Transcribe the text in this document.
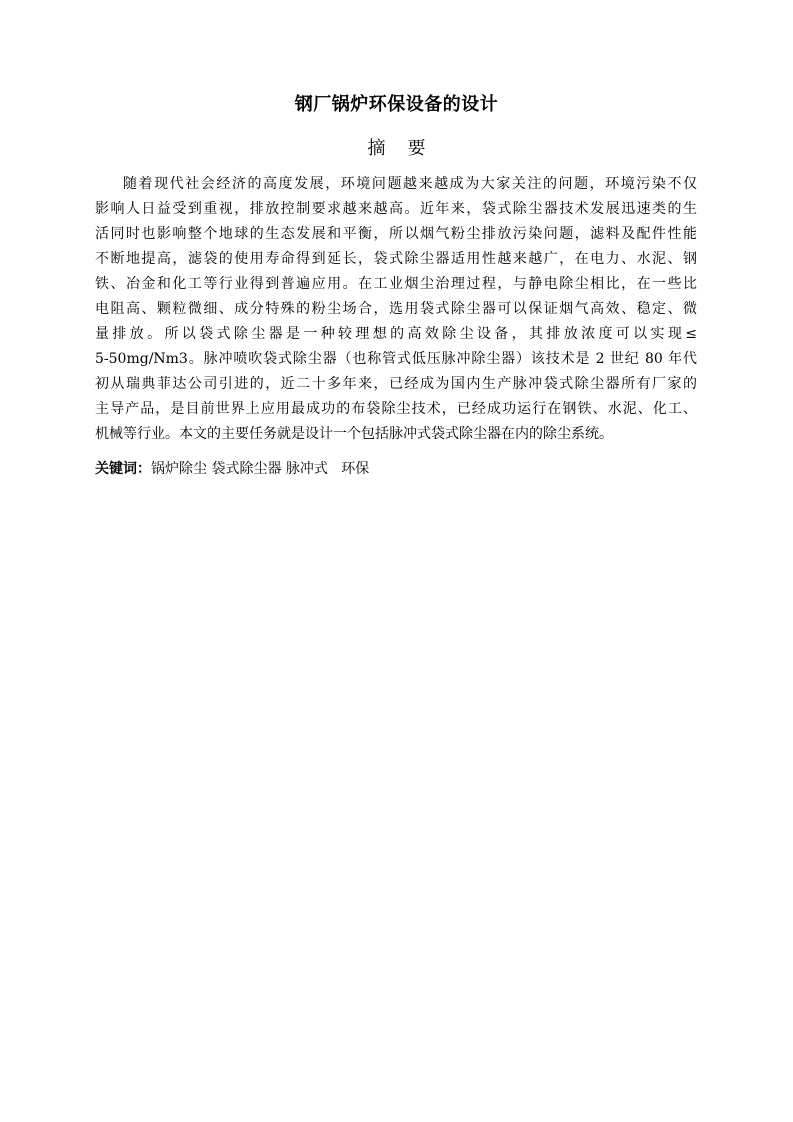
钢厂锅炉环保设备的设计
摘 要
随着现代社会经济的高度发展，环境问题越来越成为大家关注的问题，环境污染不仅
影响人日益受到重视，排放控制要求越来越高。近年来，袋式除尘器技术发展迅速类的生
活同时也影响整个地球的生态发展和平衡，所以烟气粉尘排放污染问题，滤料及配件性能
不断地提高，滤袋的使用寿命得到延长，袋式除尘器适用性越来越广，在电力、水泥、钢
铁、冶金和化工等行业得到普遍应用。在工业烟尘治理过程，与静电除尘相比，在一些比
电阻高、颗粒微细、成分特殊的粉尘场合，选用袋式除尘器可以保证烟气高效、稳定、微
量排放。所以袋式除尘器是一种较理想的高效除尘设备，其排放浓度可以实现≤
5-50mg/Nm3。脉冲喷吹袋式除尘器（也称管式低压脉冲除尘器）该技术是 2 世纪 80 年代
初从瑞典菲达公司引进的，近二十多年来，已经成为国内生产脉冲袋式除尘器所有厂家的
主导产品，是目前世界上应用最成功的布袋除尘技术，已经成功运行在钢铁、水泥、化工、
机械等行业。本文的主要任务就是设计一个包括脉冲式袋式除尘器在内的除尘系统。
关键词：锅炉除尘 袋式除尘器 脉冲式   环保
